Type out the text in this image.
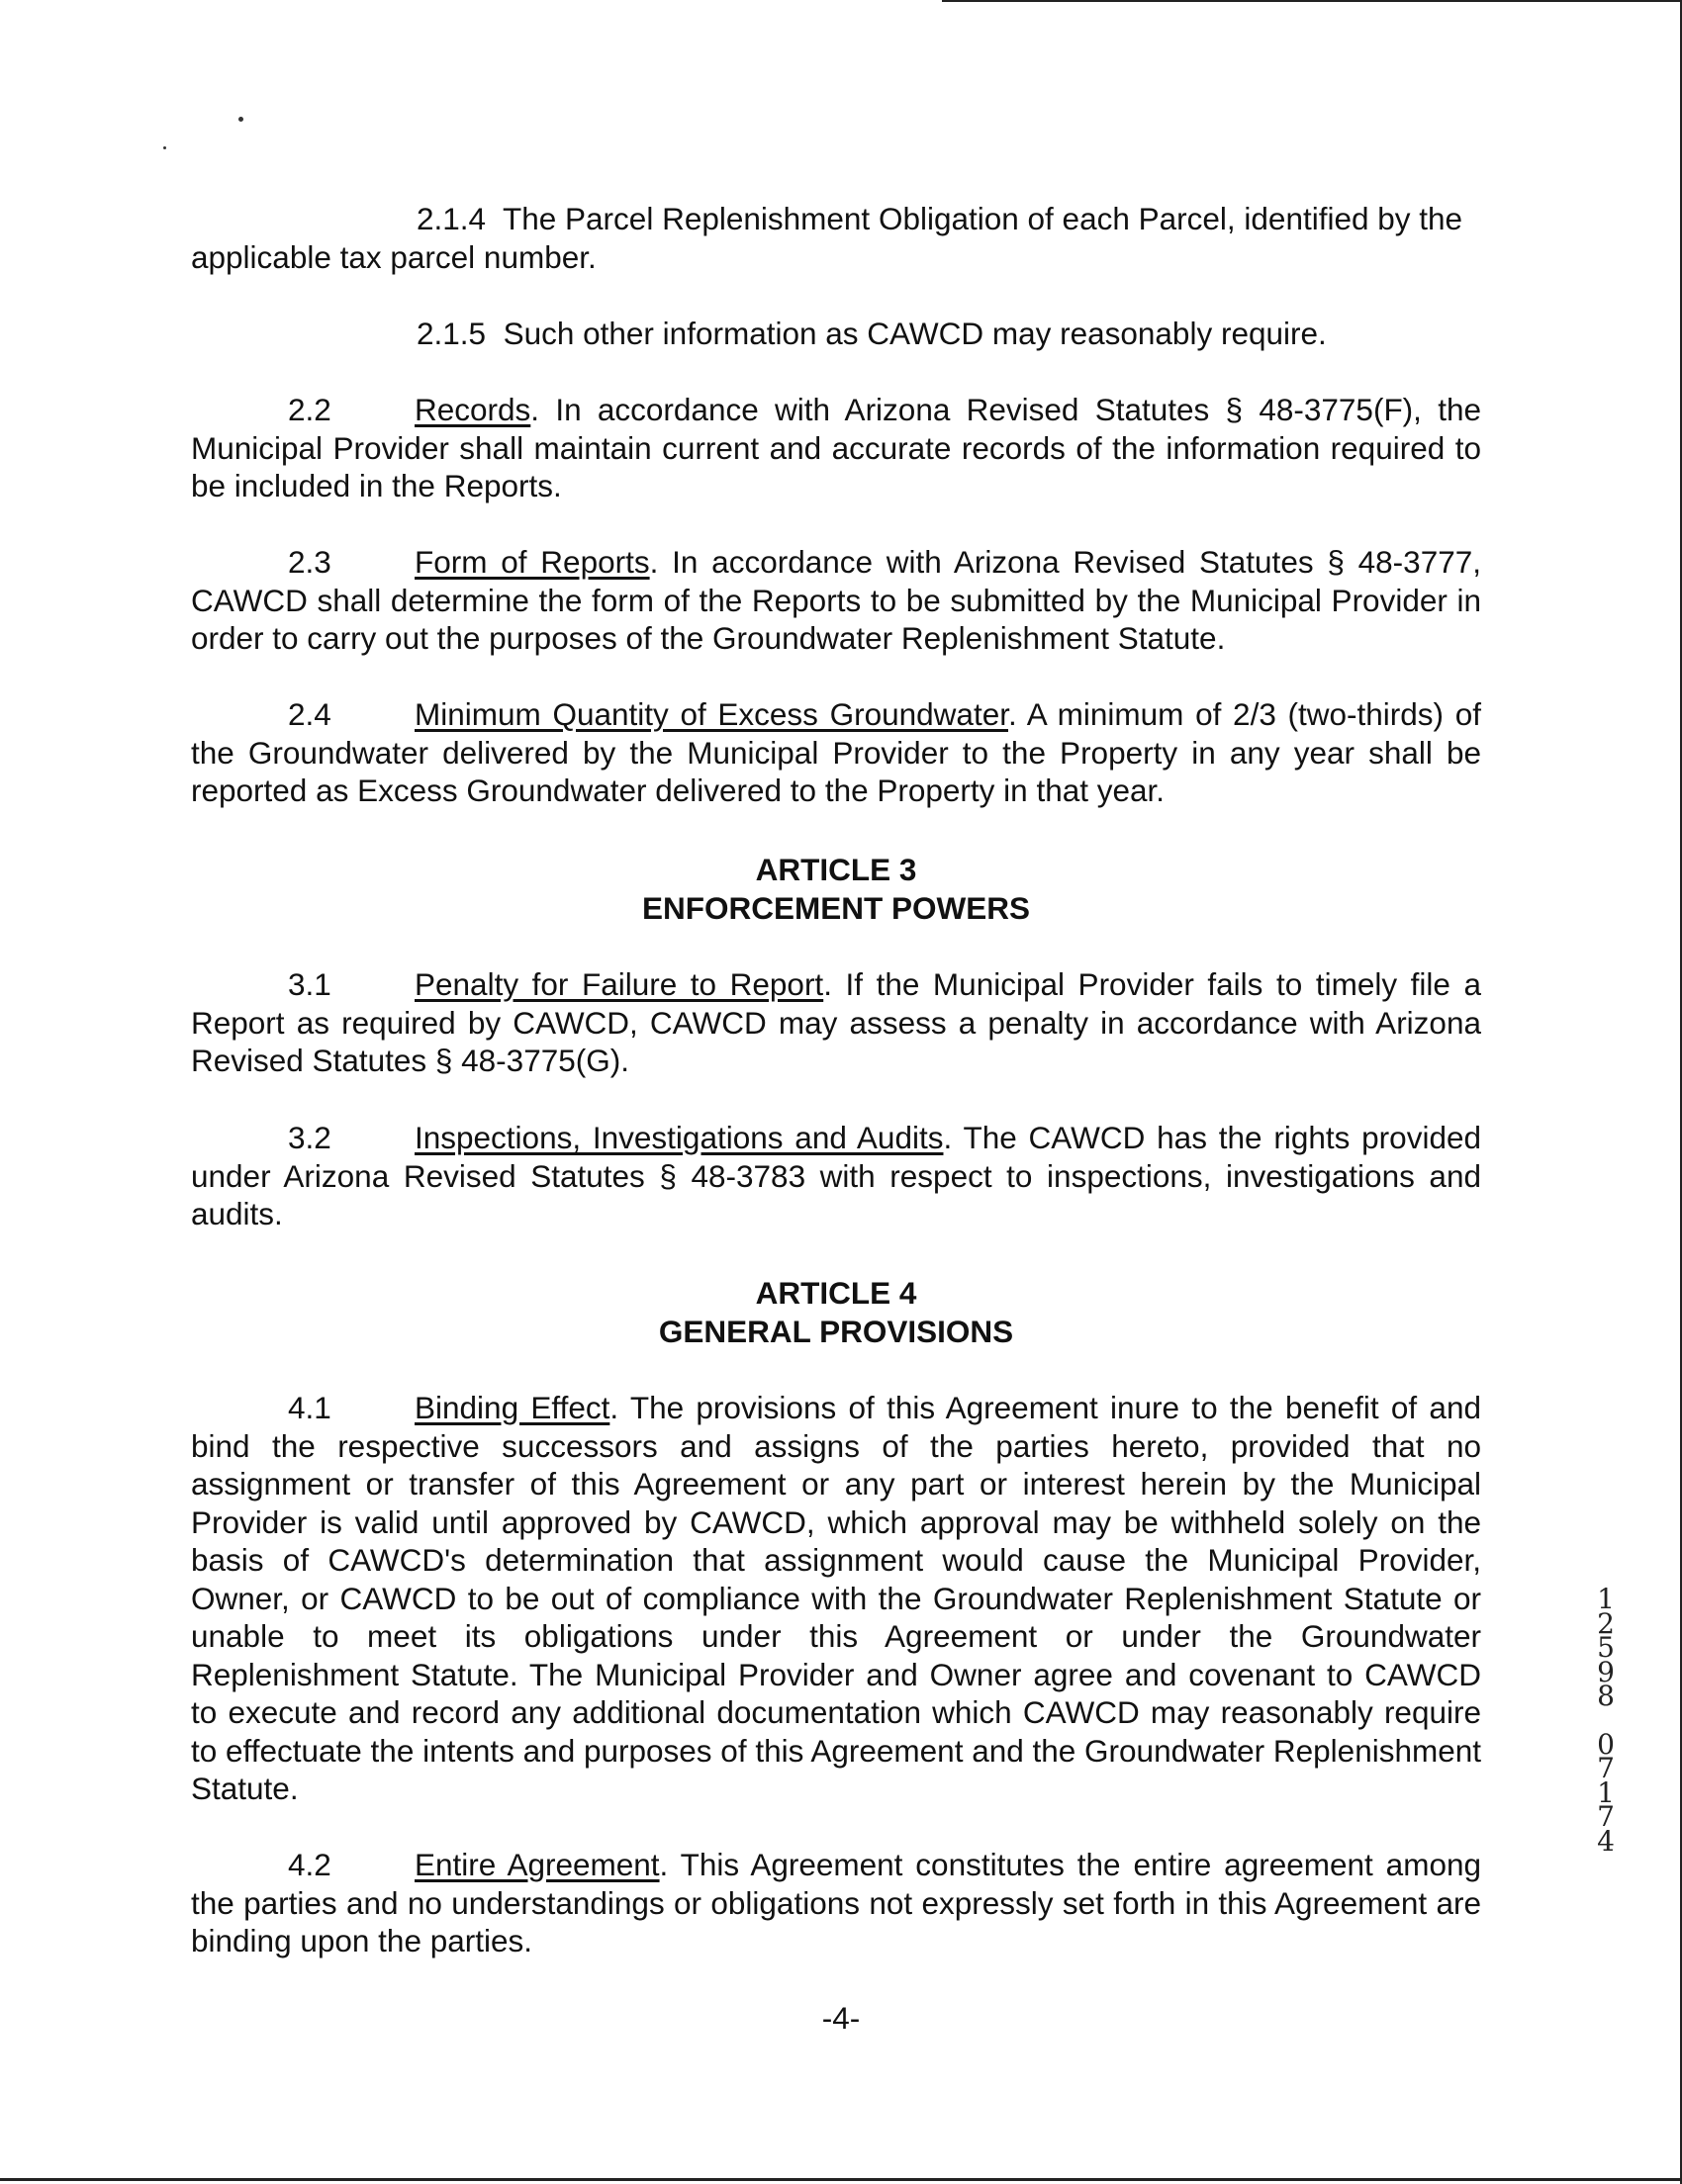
2.1.4 The Parcel Replenishment Obligation of each Parcel, identified by the applicable tax parcel number.
2.1.5 Such other information as CAWCD may reasonably require.
2.2	Records. In accordance with Arizona Revised Statutes § 48-3775(F), the Municipal Provider shall maintain current and accurate records of the information required to be included in the Reports.
2.3	Form of Reports. In accordance with Arizona Revised Statutes § 48-3777, CAWCD shall determine the form of the Reports to be submitted by the Municipal Provider in order to carry out the purposes of the Groundwater Replenishment Statute.
2.4	Minimum Quantity of Excess Groundwater. A minimum of 2/3 (two-thirds) of the Groundwater delivered by the Municipal Provider to the Property in any year shall be reported as Excess Groundwater delivered to the Property in that year.
ARTICLE 3
ENFORCEMENT POWERS
3.1	Penalty for Failure to Report. If the Municipal Provider fails to timely file a Report as required by CAWCD, CAWCD may assess a penalty in accordance with Arizona Revised Statutes § 48-3775(G).
3.2	Inspections, Investigations and Audits. The CAWCD has the rights provided under Arizona Revised Statutes § 48-3783 with respect to inspections, investigations and audits.
ARTICLE 4
GENERAL PROVISIONS
4.1	Binding Effect. The provisions of this Agreement inure to the benefit of and bind the respective successors and assigns of the parties hereto, provided that no assignment or transfer of this Agreement or any part or interest herein by the Municipal Provider is valid until approved by CAWCD, which approval may be withheld solely on the basis of CAWCD's determination that assignment would cause the Municipal Provider, Owner, or CAWCD to be out of compliance with the Groundwater Replenishment Statute or unable to meet its obligations under this Agreement or under the Groundwater Replenishment Statute. The Municipal Provider and Owner agree and covenant to CAWCD to execute and record any additional documentation which CAWCD may reasonably require to effectuate the intents and purposes of this Agreement and the Groundwater Replenishment Statute.
4.2	Entire Agreement. This Agreement constitutes the entire agreement among the parties and no understandings or obligations not expressly set forth in this Agreement are binding upon the parties.
-4-
1
2
5
9
8
0
7
1
7
4
